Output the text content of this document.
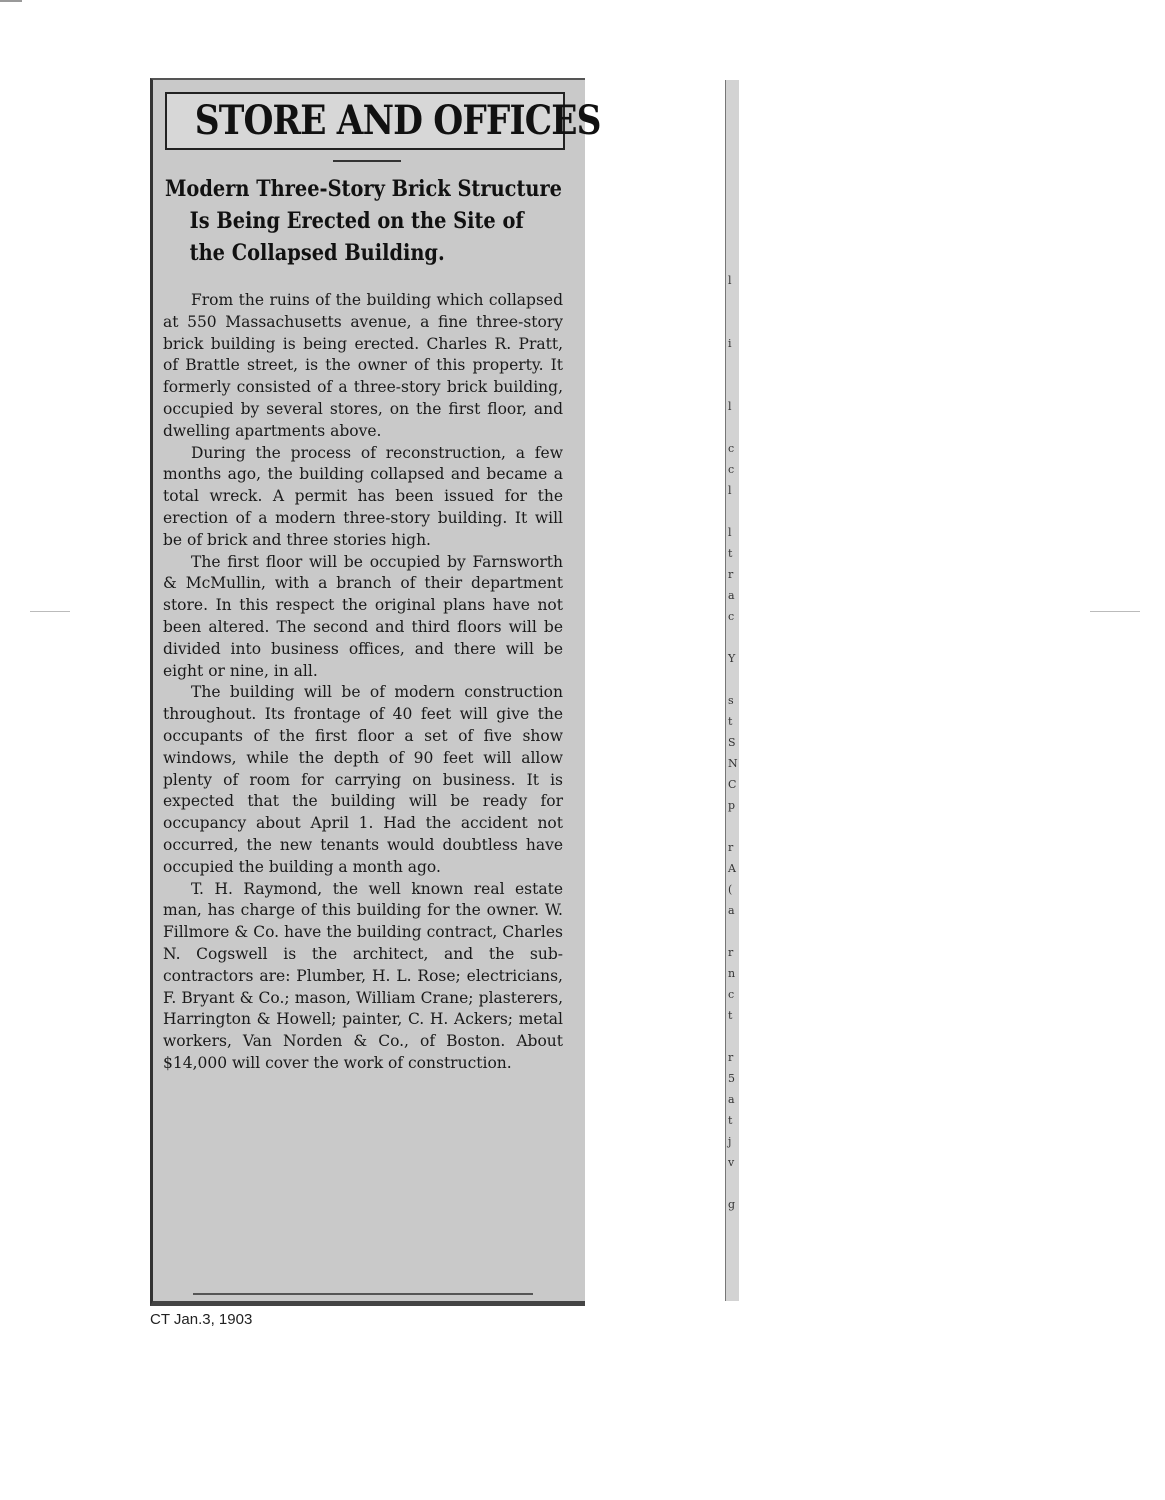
STORE AND OFFICES
Modern Three-Story Brick Structure
Is Being Erected on the Site of
the Collapsed Building.

From the ruins of the building which collapsed at 550 Massachusetts avenue, a fine three-story brick building is being erected. Charles R. Pratt, of Brattle street, is the owner of this property. It formerly consisted of a three-story brick building, occupied by several stores, on the first floor, and dwelling apartments above.

During the process of reconstruction, a few months ago, the building collapsed and became a total wreck. A permit has been issued for the erection of a modern three-story building. It will be of brick and three stories high.

The first floor will be occupied by Farnsworth & McMullin, with a branch of their department store. In this respect the original plans have not been altered. The second and third floors will be divided into business offices, and there will be eight or nine, in all.

The building will be of modern construction throughout. Its frontage of 40 feet will give the occupants of the first floor a set of five show windows, while the depth of 90 feet will allow plenty of room for carrying on business. It is expected that the building will be ready for occupancy about April 1. Had the accident not occurred, the new tenants would doubtless have occupied the building a month ago.

T. H. Raymond, the well known real estate man, has charge of this building for the owner. W. Fillmore & Co. have the building contract, Charles N. Cogswell is the architect, and the sub-contractors are: Plumber, H. L. Rose; electricians, F. Bryant & Co.; mason, William Crane; plasterers, Harrington & Howell; painter, C. H. Ackers; metal workers, Van Norden & Co., of Boston. About $14,000 will cover the work of construction.

l

i

l

c
c
l

l
t
r
a
c

Y

s
t
S
N
C
p

r
A
(
a

r
n
c
t

r
5
a
t
j
v

g
CT Jan.3, 1903
